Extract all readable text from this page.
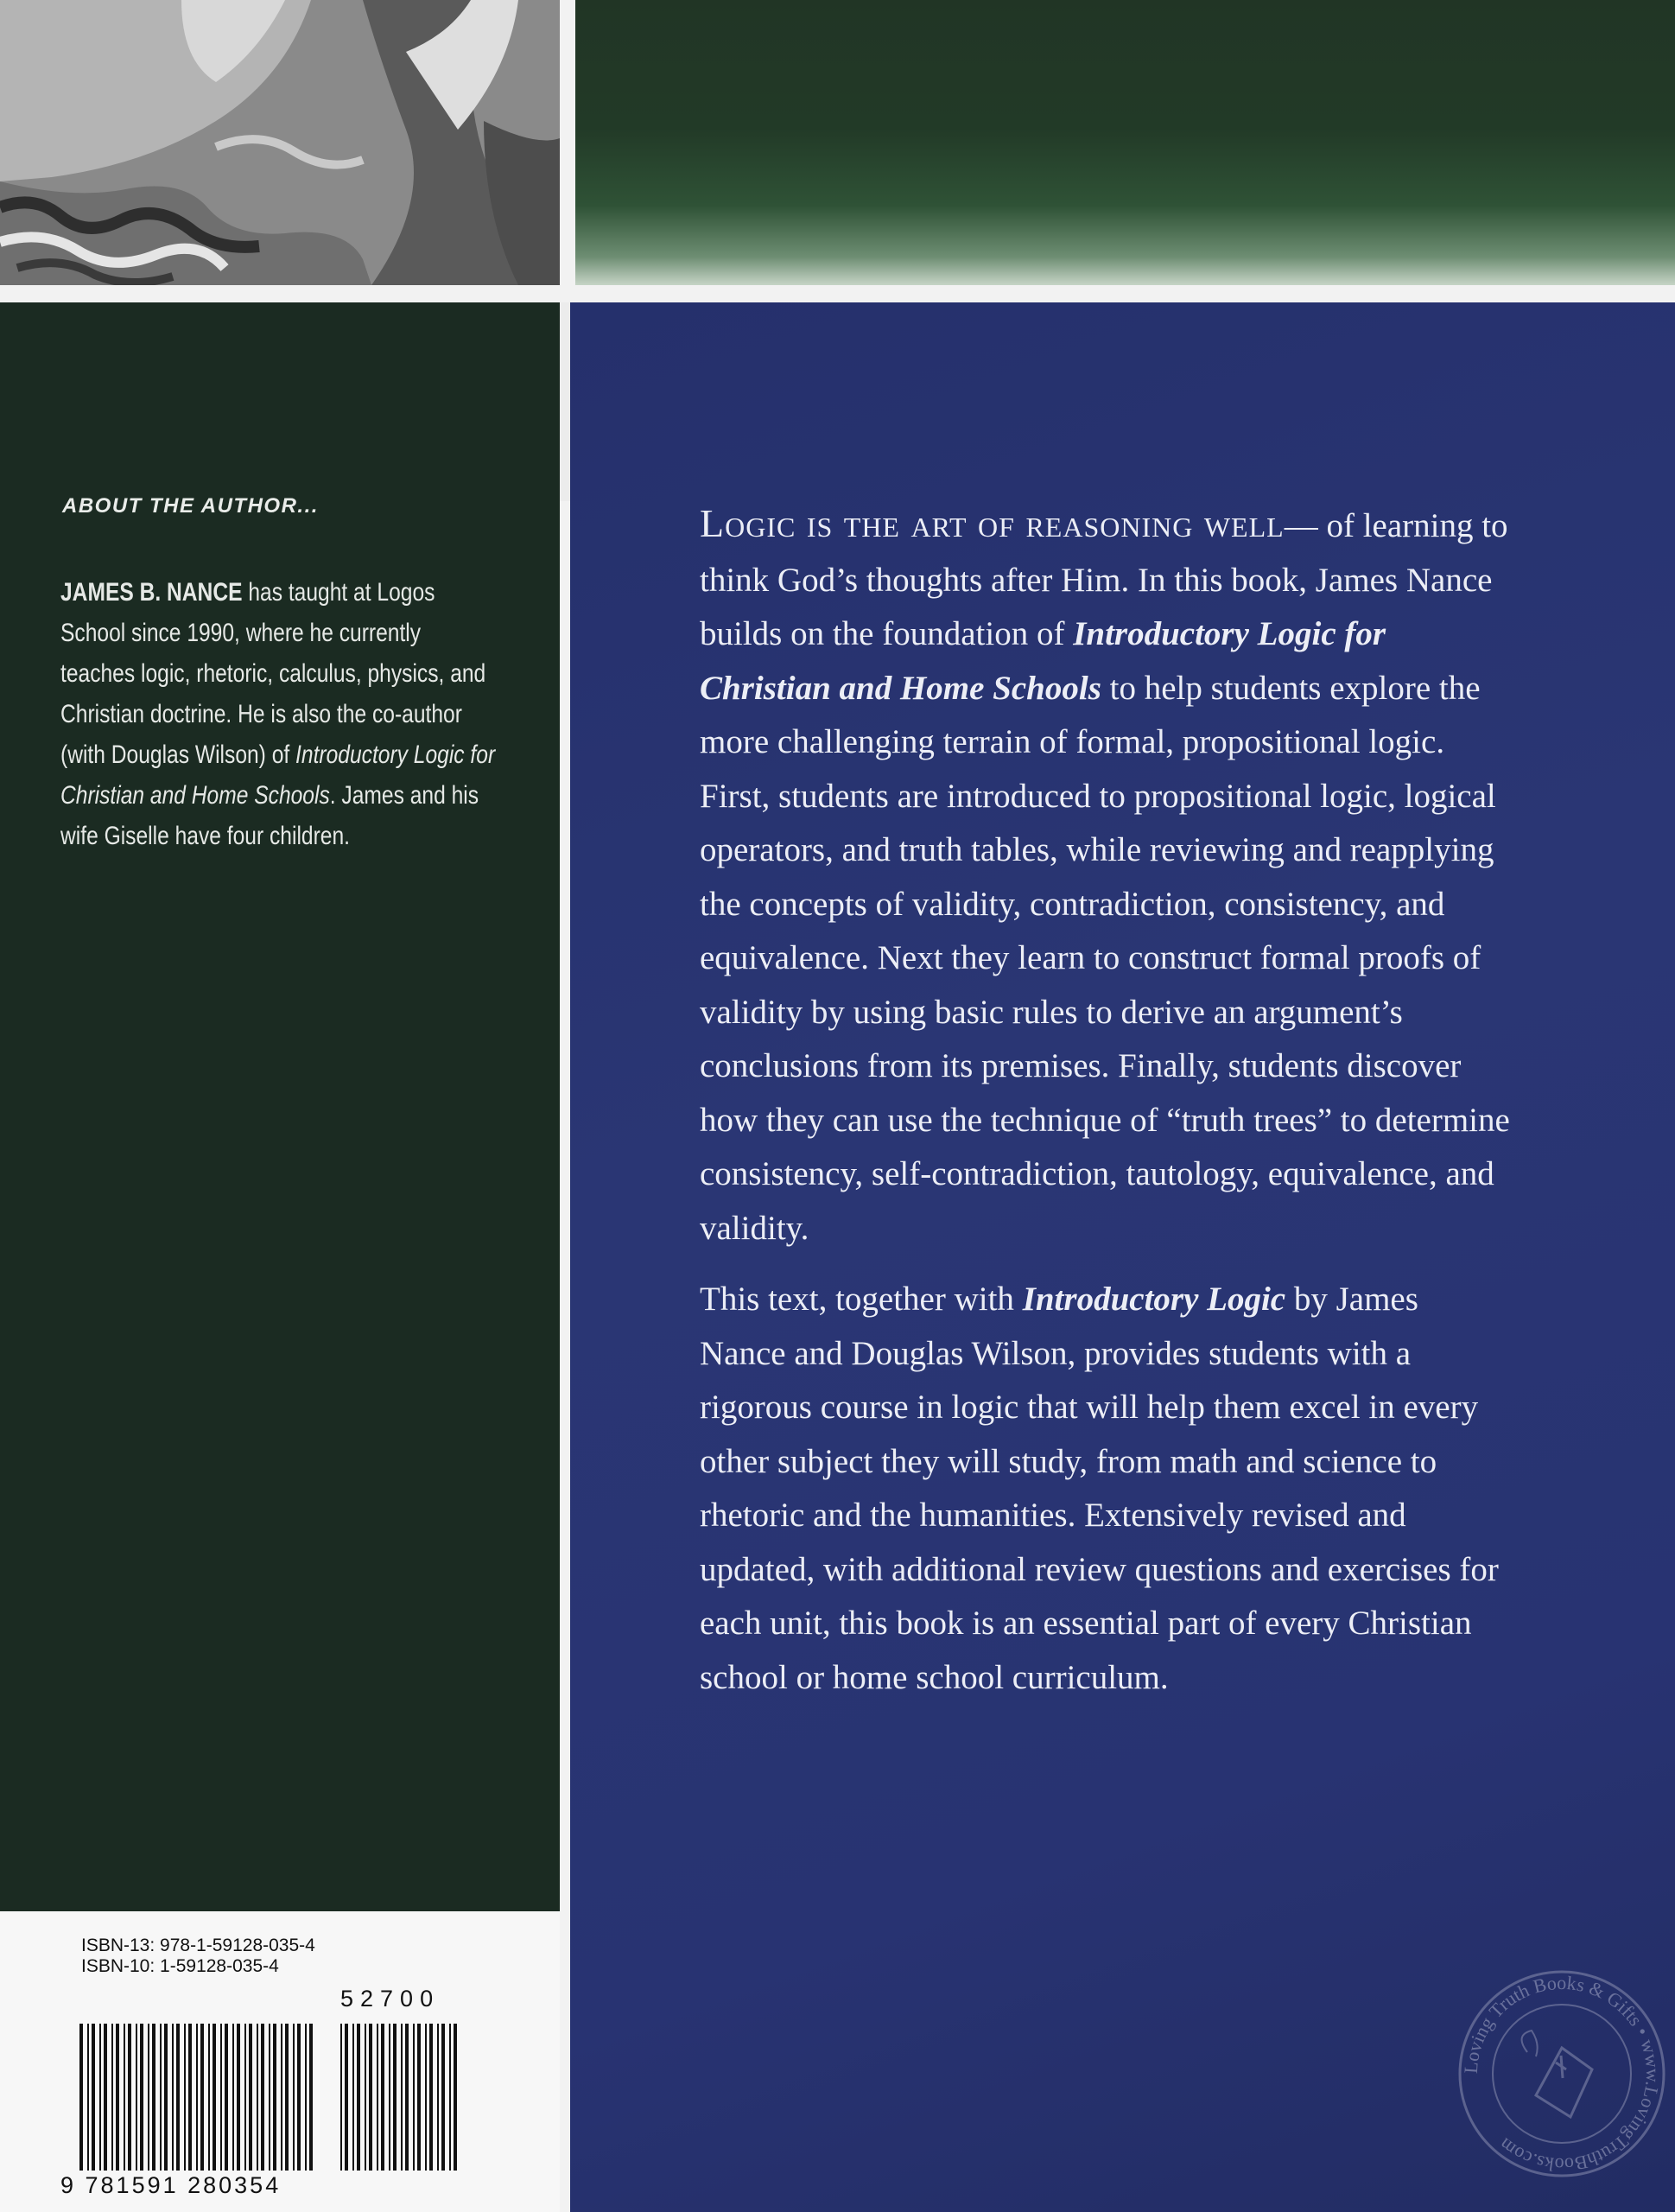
ABOUT THE AUTHOR...
JAMES B. NANCE has taught at Logos School since 1990, where he currently teaches logic, rhetoric, calculus, physics, and Christian doctrine. He is also the co-author (with Douglas Wilson) of Introductory Logic for Christian and Home Schools. James and his wife Giselle have four children.

Logic is the art of reasoning well— of learning to think God’s thoughts after Him. In this book, James Nance builds on the foundation of Introductory Logic for Christian and Home Schools to help students explore the more challenging terrain of formal, propositional logic. First, students are introduced to propositional logic, logical operators, and truth tables, while reviewing and reapplying the concepts of validity, contradiction, consistency, and equivalence. Next they learn to construct formal proofs of validity by using basic rules to derive an argument’s conclusions from its premises. Finally, students discover how they can use the technique of “truth trees” to determine consistency, self-contradiction, tautology, equivalence, and validity.

This text, together with Introductory Logic by James Nance and Douglas Wilson, provides students with a rigorous course in logic that will help them excel in every other subject they will study, from math and science to rhetoric and the humanities. Extensively revised and updated, with additional review questions and exercises for each unit, this book is an essential part of every Christian school or home school curriculum.

ISBN-13: 978-1-59128-035-4
ISBN-10: 1-59128-035-4
52700
9 781591 280354
Loving Truth Books & Gifts • www.LovingTruthBooks.com
